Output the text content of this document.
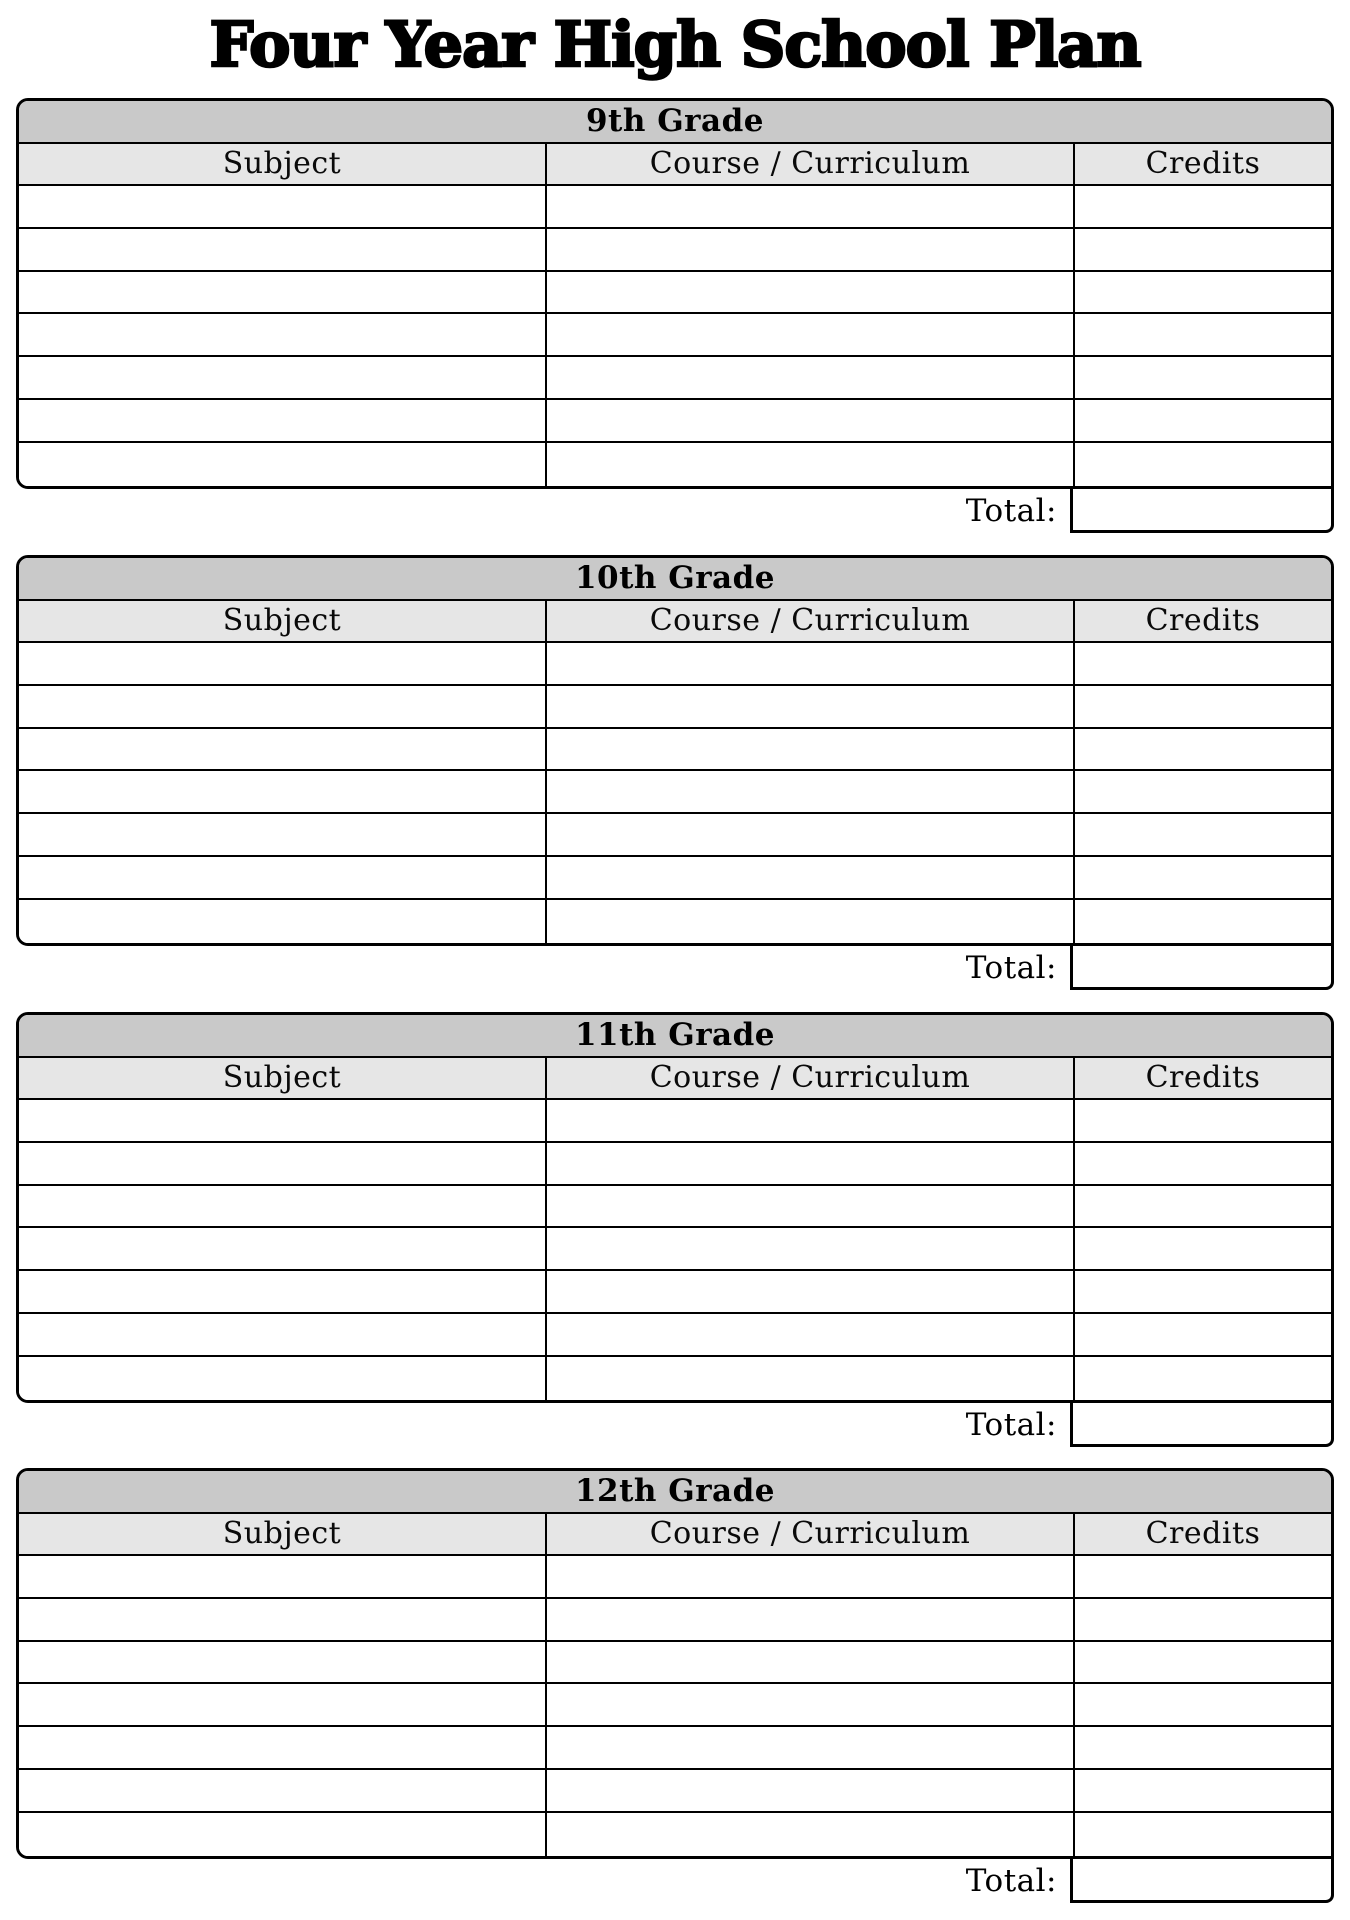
Four Year High School Plan
9th Grade
Subject	Course / Curriculum	Credits
Total:
10th Grade
Subject	Course / Curriculum	Credits
Total:
11th Grade
Subject	Course / Curriculum	Credits
Total:
12th Grade
Subject	Course / Curriculum	Credits
Total:
